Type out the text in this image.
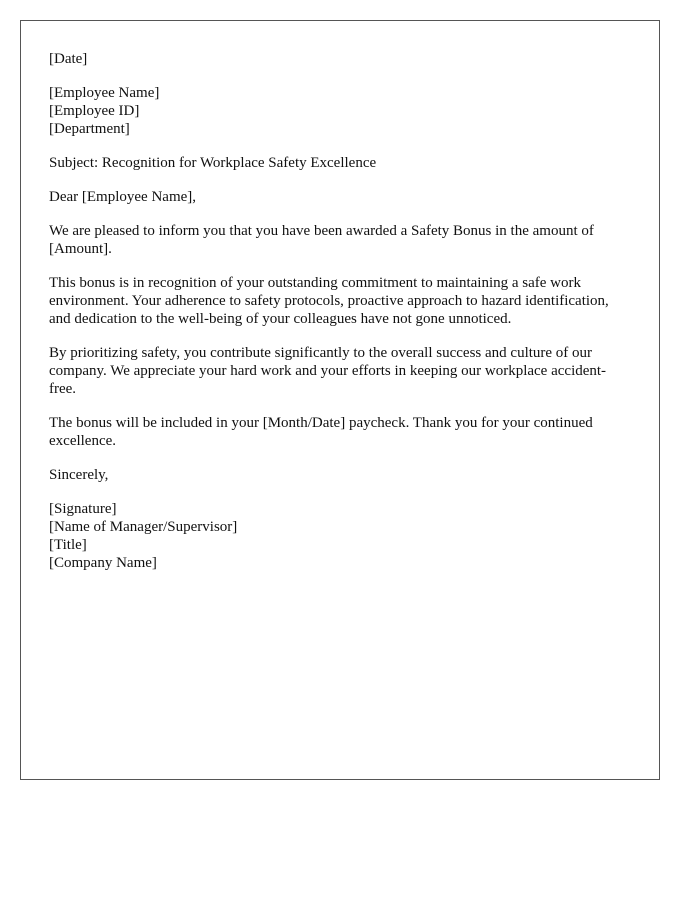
[Date]
[Employee Name]
[Employee ID]
[Department]
Subject: Recognition for Workplace Safety Excellence
Dear [Employee Name],

We are pleased to inform you that you have been awarded a Safety Bonus in the amount of [Amount].

This bonus is in recognition of your outstanding commitment to maintaining a safe work environment. Your adherence to safety protocols, proactive approach to hazard identification, and dedication to the well-being of your colleagues have not gone unnoticed.

By prioritizing safety, you contribute significantly to the overall success and culture of our company. We appreciate your hard work and your efforts in keeping our workplace accident-free.

The bonus will be included in your [Month/Date] paycheck. Thank you for your continued excellence.

Sincerely,
[Signature]
[Name of Manager/Supervisor]
[Title]
[Company Name]
